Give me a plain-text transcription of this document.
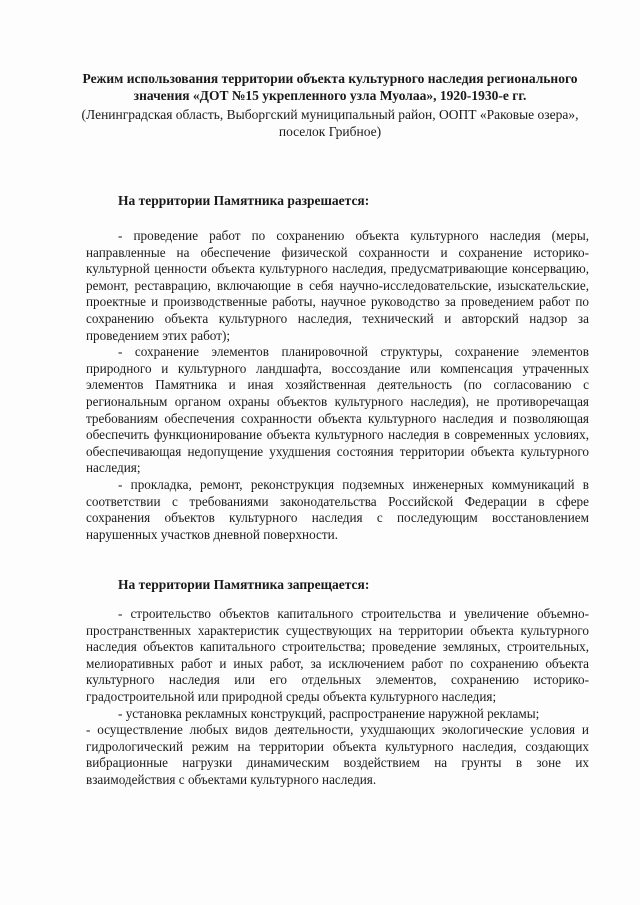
Режим использования территории объекта культурного наследия регионального значения «ДОТ №15 укрепленного узла Муолаа», 1920-1930-е гг.

(Ленинградская область, Выборгский муниципальный район, ООПТ «Раковые озера», поселок Грибное)

На территории Памятника разрешается:

- проведение работ по сохранению объекта культурного наследия (меры, направленные на обеспечение физической сохранности и сохранение историко-культурной ценности объекта культурного наследия, предусматривающие консервацию, ремонт, реставрацию, включающие в себя научно-исследовательские, изыскательские, проектные и производственные работы, научное руководство за проведением работ по сохранению объекта культурного наследия, технический и авторский надзор за проведением этих работ);

- сохранение элементов планировочной структуры, сохранение элементов природного и культурного ландшафта, воссоздание или компенсация утраченных элементов Памятника и иная хозяйственная деятельность (по согласованию с региональным органом охраны объектов культурного наследия), не противоречащая требованиям обеспечения сохранности объекта культурного наследия и позволяющая обеспечить функционирование объекта культурного наследия в современных условиях, обеспечивающая недопущение ухудшения состояния территории объекта культурного наследия;

- прокладка, ремонт, реконструкция подземных инженерных коммуникаций в соответствии с требованиями законодательства Российской Федерации в сфере сохранения объектов культурного наследия с последующим восстановлением нарушенных участков дневной поверхности.

На территории Памятника запрещается:

- строительство объектов капитального строительства и увеличение объемно-пространственных характеристик существующих на территории объекта культурного наследия объектов капитального строительства; проведение земляных, строительных, мелиоративных работ и иных работ, за исключением работ по сохранению объекта культурного наследия или его отдельных элементов, сохранению историко-градостроительной или природной среды объекта культурного наследия;

- установка рекламных конструкций, распространение наружной рекламы;

- осуществление любых видов деятельности, ухудшающих экологические условия и гидрологический режим на территории объекта культурного наследия, создающих вибрационные нагрузки динамическим воздействием на грунты в зоне их взаимодействия с объектами культурного наследия.
